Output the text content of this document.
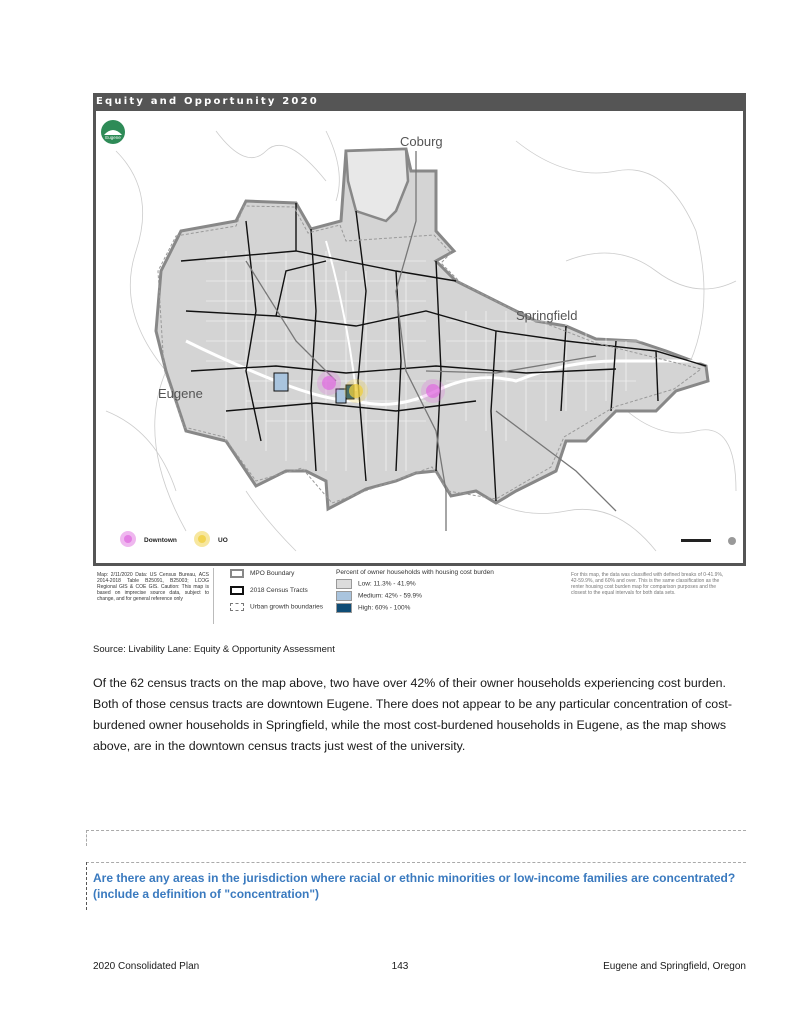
Equity and Opportunity 2020
Eugene	Coburg
Springfield
Eugene
Downtown	UO
Map: 2/11/2020 Data: US Census Bureau, ACS 2014-2018 Table B25091, B25003; LCOG Regional GIS & COE GIS. Caution: This map is based on imprecise source data, subject to change, and for general reference only
MPO Boundary
2018 Census Tracts
Urban growth boundaries
Percent of owner households with housing cost burden
Low: 11.3% - 41.9%
Medium: 42% - 59.9%
High: 60% - 100%
For this map, the data was classified with defined breaks of 0-41.9%, 42-59.9%, and 60% and over. This is the same classification as the renter housing cost burden map for comparison purposes and the closest to the equal intervals for both data sets.
Source: Livability Lane: Equity & Opportunity Assessment
Of the 62 census tracts on the map above, two have over 42% of their owner households experiencing cost burden. Both of those census tracts are downtown Eugene. There does not appear to be any particular concentration of cost-burdened owner households in Springfield, while the most cost-burdened households in Eugene, as the map shows above, are in the downtown census tracts just west of the university.
Are there any areas in the jurisdiction where racial or ethnic minorities or low-income families are concentrated? (include a definition of "concentration")
2020 Consolidated Plan	143	Eugene and Springfield, Oregon
